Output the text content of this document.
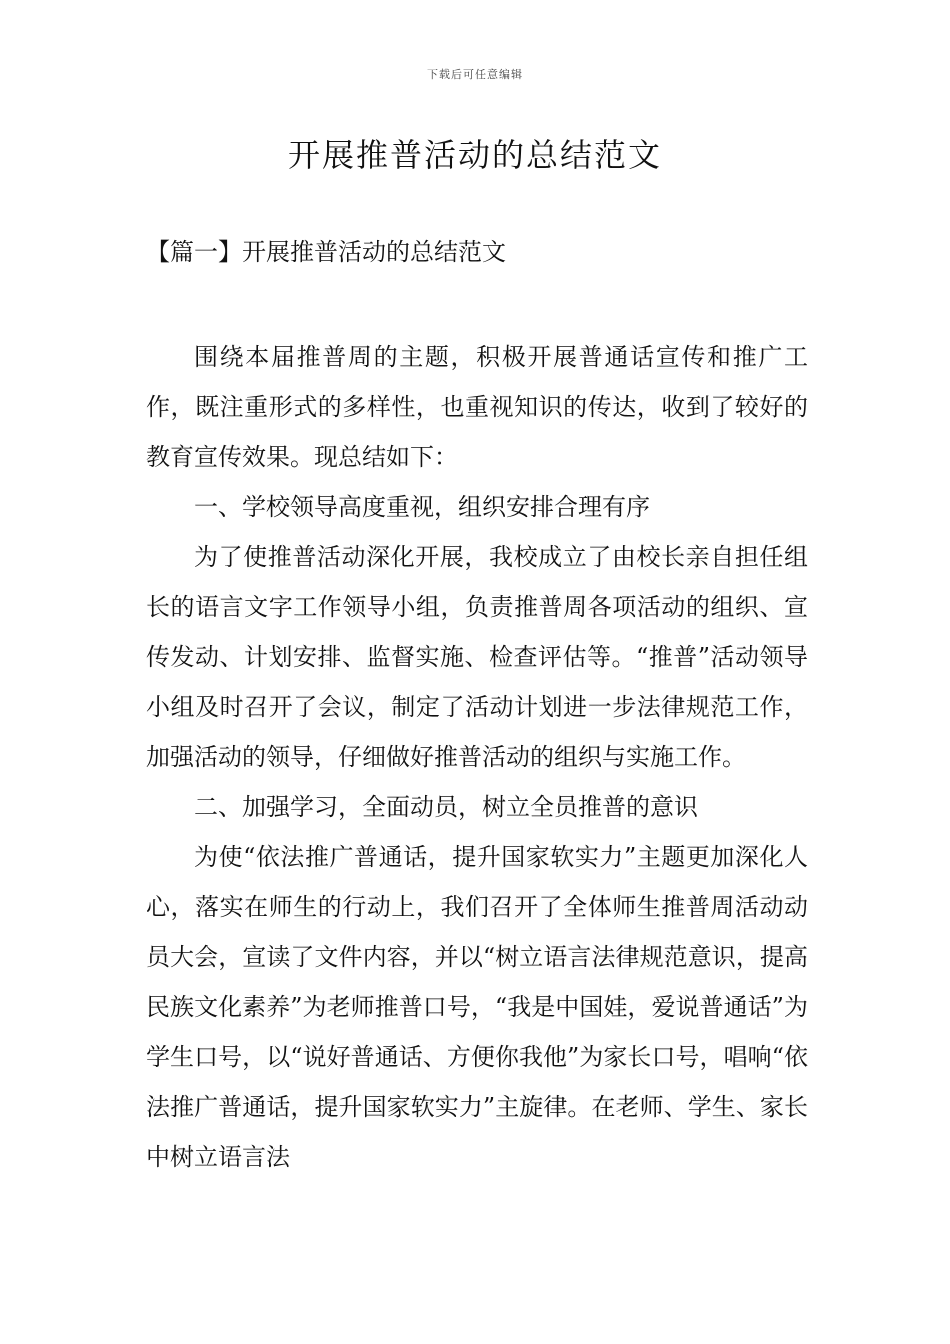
下载后可任意编辑
开展推普活动的总结范文
【篇一】开展推普活动的总结范文

围绕本届推普周的主题，积极开展普通话宣传和推广工作，既注重形式的多样性，也重视知识的传达，收到了较好的教育宣传效果。现总结如下：

一、学校领导高度重视，组织安排合理有序

为了使推普活动深化开展，我校成立了由校长亲自担任组长的语言文字工作领导小组，负责推普周各项活动的组织、宣传发动、计划安排、监督实施、检查评估等。“推普”活动领导小组及时召开了会议，制定了活动计划进一步法律规范工作，加强活动的领导，仔细做好推普活动的组织与实施工作。

二、加强学习，全面动员，树立全员推普的意识

为使“依法推广普通话，提升国家软实力”主题更加深化人心，落实在师生的行动上，我们召开了全体师生推普周活动动员大会，宣读了文件内容，并以“树立语言法律规范意识，提高民族文化素养”为老师推普口号，“我是中国娃，爱说普通话”为学生口号，以“说好普通话、方便你我他”为家长口号，唱响“依法推广普通话，提升国家软实力”主旋律。在老师、学生、家长中树立语言法
